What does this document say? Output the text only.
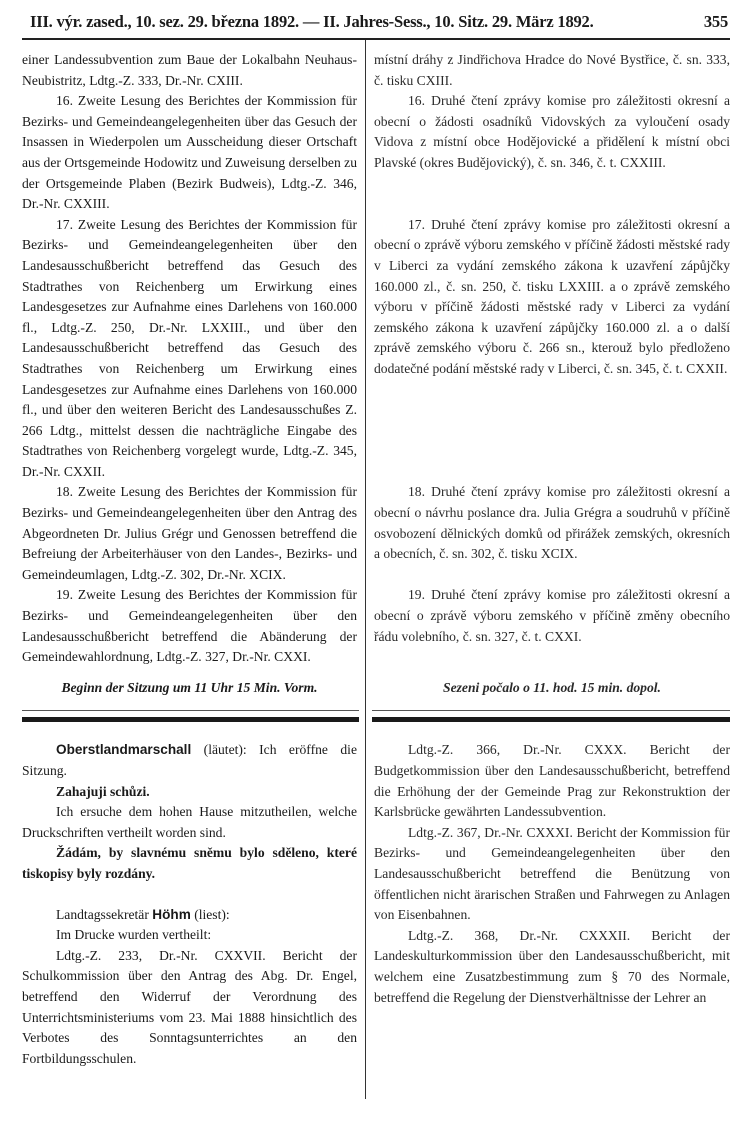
III. výr. zased., 10. sez. 29. března 1892. — II. Jahres-Sess., 10. Sitz. 29. März 1892.	355

einer Landessubvention zum Baue der Lokalbahn Neuhaus-Neubistritz, Ldtg.-Z. 333, Dr.-Nr. CXIII.

místní dráhy z Jindřichova Hradce do Nové Bystřice, č. sn. 333, č. tisku CXIII.

16. Zweite Lesung des Berichtes der Kommission für Bezirks- und Gemeindeangelegenheiten über das Gesuch der Insassen in Wiederpolen um Ausscheidung dieser Ortschaft aus der Ortsgemeinde Hodowitz und Zuweisung derselben zu der Ortsgemeinde Plaben (Bezirk Budweis), Ldtg.-Z. 346, Dr.-Nr. CXXIII.

16. Druhé čtení zprávy komise pro záležitosti okresní a obecní o žádosti osadníků Vidovských za vyloučení osady Vidova z místní obce Hodějovické a přidělení k místní obci Plavské (okres Budějovický), č. sn. 346, č. t. CXXIII.

17. Zweite Lesung des Berichtes der Kommission für Bezirks- und Gemeindeangelegenheiten über den Landesausschußbericht betreffend das Gesuch des Stadtrathes von Reichenberg um Erwirkung eines Landesgesetzes zur Aufnahme eines Darlehens von 160.000 fl., Ldtg.-Z. 250, Dr.-Nr. LXXIII., und über den Landesausschußbericht betreffend das Gesuch des Stadtrathes von Reichenberg um Erwirkung eines Landesgesetzes zur Aufnahme eines Darlehens von 160.000 fl., und über den weiteren Bericht des Landesausschußes Z. 266 Ldtg., mittelst dessen die nachträgliche Eingabe des Stadtrathes von Reichenberg vorgelegt wurde, Ldtg.-Z. 345, Dr.-Nr. CXXII.

17. Druhé čtení zprávy komise pro záležitosti okresní a obecní o zprávě výboru zemského v příčině žádosti městské rady v Liberci za vydání zemského zákona k uzavření zápůjčky 160.000 zl., č. sn. 250, č. tisku LXXIII. a o zprávě zemského výboru v příčině žádosti městské rady v Liberci za vydání zemského zákona k uzavření zápůjčky 160.000 zl. a o další zprávě zemského výboru č. 266 sn., kterouž bylo předloženo dodatečné podání městské rady v Liberci, č. sn. 345, č. t. CXXII.

18. Zweite Lesung des Berichtes der Kommission für Bezirks- und Gemeindeangelegenheiten über den Antrag des Abgeordneten Dr. Julius Grégr und Genossen betreffend die Befreiung der Arbeiterhäuser von den Landes-, Bezirks- und Gemeindeumlagen, Ldtg.-Z. 302, Dr.-Nr. XCIX.

18. Druhé čtení zprávy komise pro záležitosti okresní a obecní o návrhu poslance dra. Julia Grégra a soudruhů v příčině osvobození dělnických domků od přirážek zemských, okresních a obecních, č. sn. 302, č. tisku XCIX.

19. Zweite Lesung des Berichtes der Kommission für Bezirks- und Gemeindeangelegenheiten über den Landesausschußbericht betreffend die Abänderung der Gemeindewahlordnung, Ldtg.-Z. 327, Dr.-Nr. CXXI.

19. Druhé čtení zprávy komise pro záležitosti okresní a obecní o zprávě výboru zemského v příčině změny obecního řádu volebního, č. sn. 327, č. t. CXXI.

Beginn der Sitzung um 11 Uhr 15 Min. Vorm.	Sezeni počalo o 11. hod. 15 min. dopol.

Oberstlandmarschall (läutet): Ich eröffne die Sitzung.

Zahajuji schůzi.

Ich ersuche dem hohen Hause mitzutheilen, welche Druckschriften vertheilt worden sind.

Žádám, by slavnému sněmu bylo sděleno, které tiskopisy byly rozdány.

Landtagssekretär Höhm (liest):

Im Drucke wurden vertheilt:

Ldtg.-Z. 233, Dr.-Nr. CXXVII. Bericht der Schulkommission über den Antrag des Abg. Dr. Engel, betreffend den Widerruf der Verordnung des Unterrichtsministeriums vom 23. Mai 1888 hinsichtlich des Verbotes des Sonntagsunterrichtes an den Fortbildungsschulen.

Ldtg.-Z. 366, Dr.-Nr. CXXX. Bericht der Budgetkommission über den Landesausschußbericht, betreffend die Erhöhung der der Gemeinde Prag zur Rekonstruktion der Karlsbrücke gewährten Landessubvention.

Ldtg.-Z. 367, Dr.-Nr. CXXXI. Bericht der Kommission für Bezirks- und Gemeindeangelegenheiten über den Landesausschußbericht betreffend die Benützung von öffentlichen nicht ärarischen Straßen und Fahrwegen zu Anlagen von Eisenbahnen.

Ldtg.-Z. 368, Dr.-Nr. CXXXII. Bericht der Landeskulturkommission über den Landesausschußbericht, mit welchem eine Zusatzbestimmung zum § 70 des Normale, betreffend die Regelung der Dienstverhältnisse der Lehrer an
